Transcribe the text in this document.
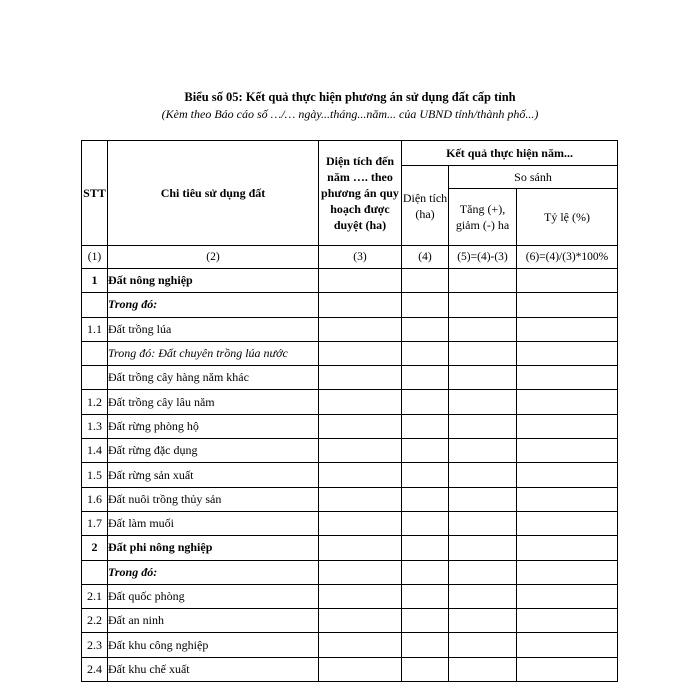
Biểu số 05: Kết quả thực hiện phương án sử dụng đất cấp tỉnh
(Kèm theo Báo cáo số …/… ngày...tháng...năm... của UBND tỉnh/thành phố...)
STT	Chi tiêu sử dụng đất	Diện tích đến năm …. theo phương án quy hoạch được duyệt (ha)	Kết quả thực hiện năm...		
			Diện tích (ha)	So sánh	
				Tăng (+), giảm (-) ha	Tỷ lệ (%)
(1)	(2)	(3)	(4)	(5)=(4)-(3)	(6)=(4)/(3)*100%
1	Đất nông nghiệp				
	Trong đó:				
1.1	Đất trồng lúa				
	Trong đó: Đất chuyên trồng lúa nước				
	Đất trồng cây hàng năm khác				
1.2	Đất trồng cây lâu năm				
1.3	Đất rừng phòng hộ				
1.4	Đất rừng đặc dụng				
1.5	Đất rừng sản xuất				
1.6	Đất nuôi trồng thủy sản				
1.7	Đất làm muối				
2	Đất phi nông nghiệp				
	Trong đó:				
2.1	Đất quốc phòng				
2.2	Đất an ninh				
2.3	Đất khu công nghiệp				
2.4	Đất khu chế xuất				
